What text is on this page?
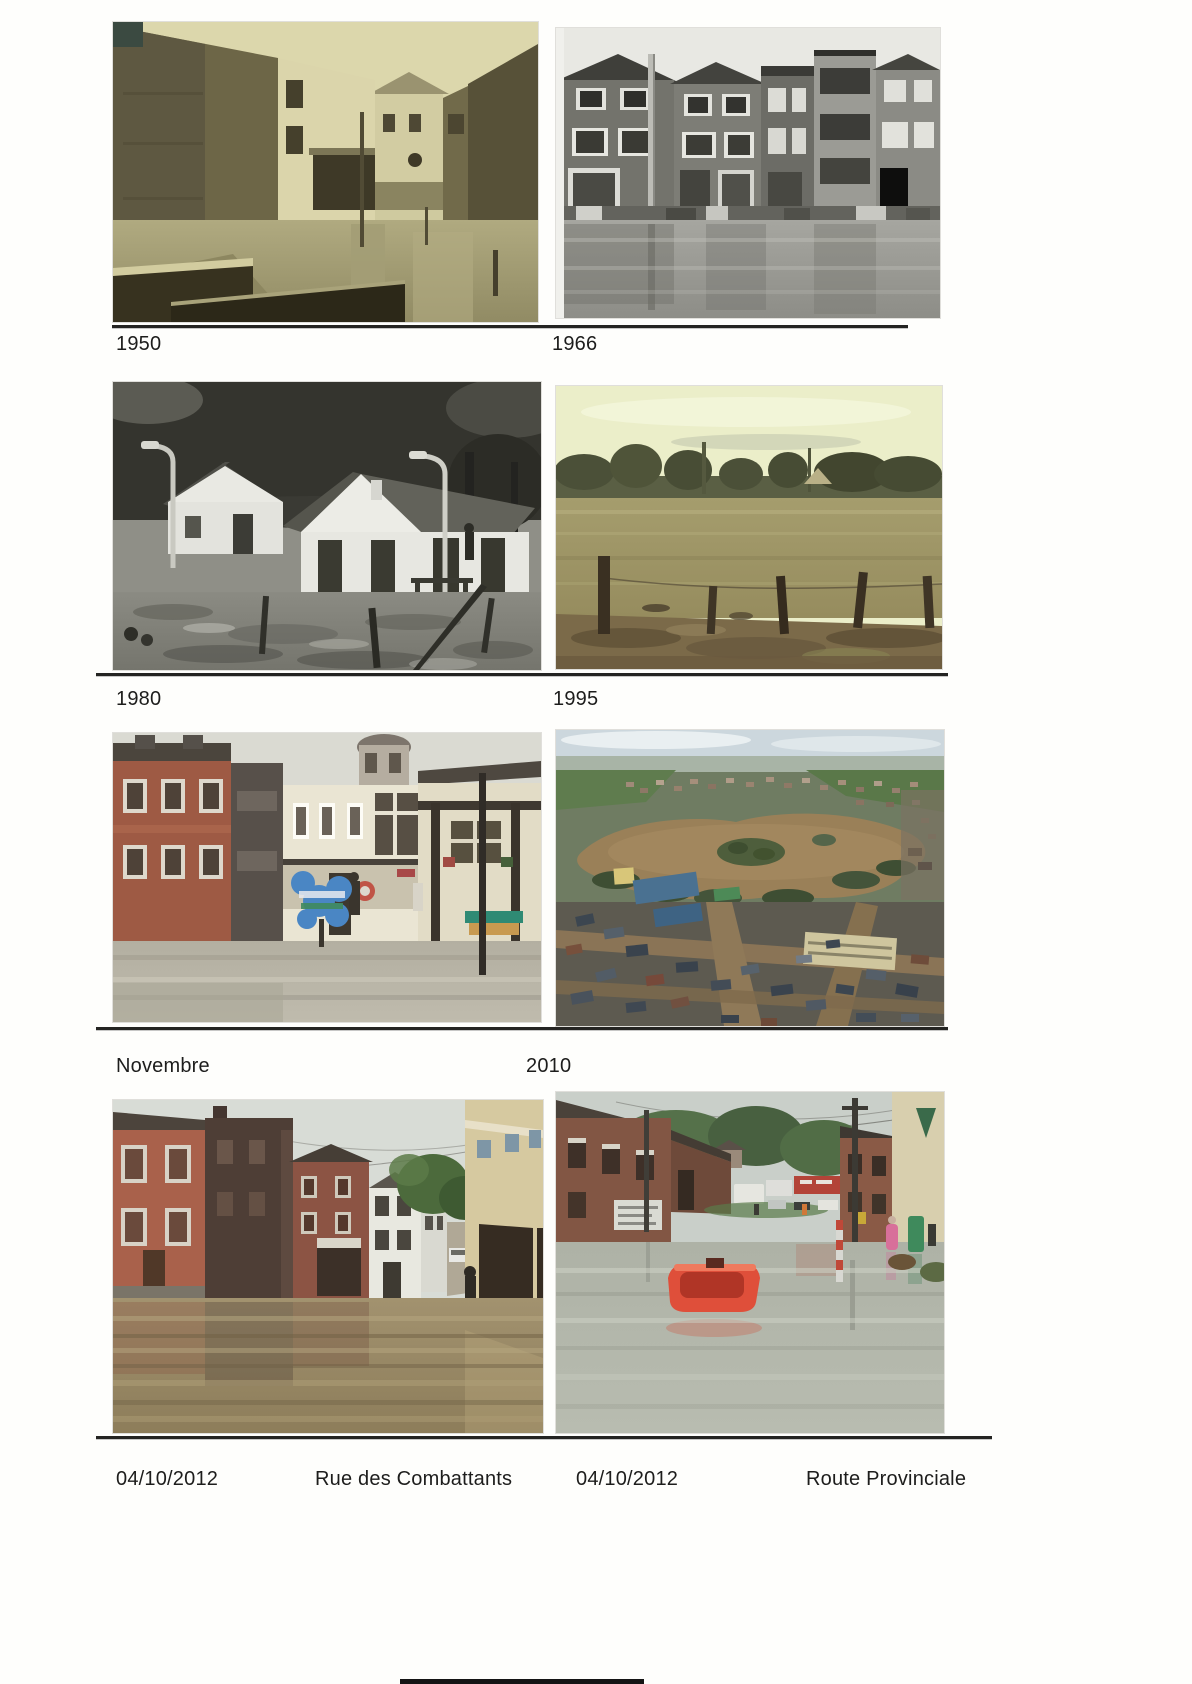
1950	1966
1980	1995
Novembre	2010
04/10/2012	Rue des Combattants	04/10/2012	Route Provinciale
